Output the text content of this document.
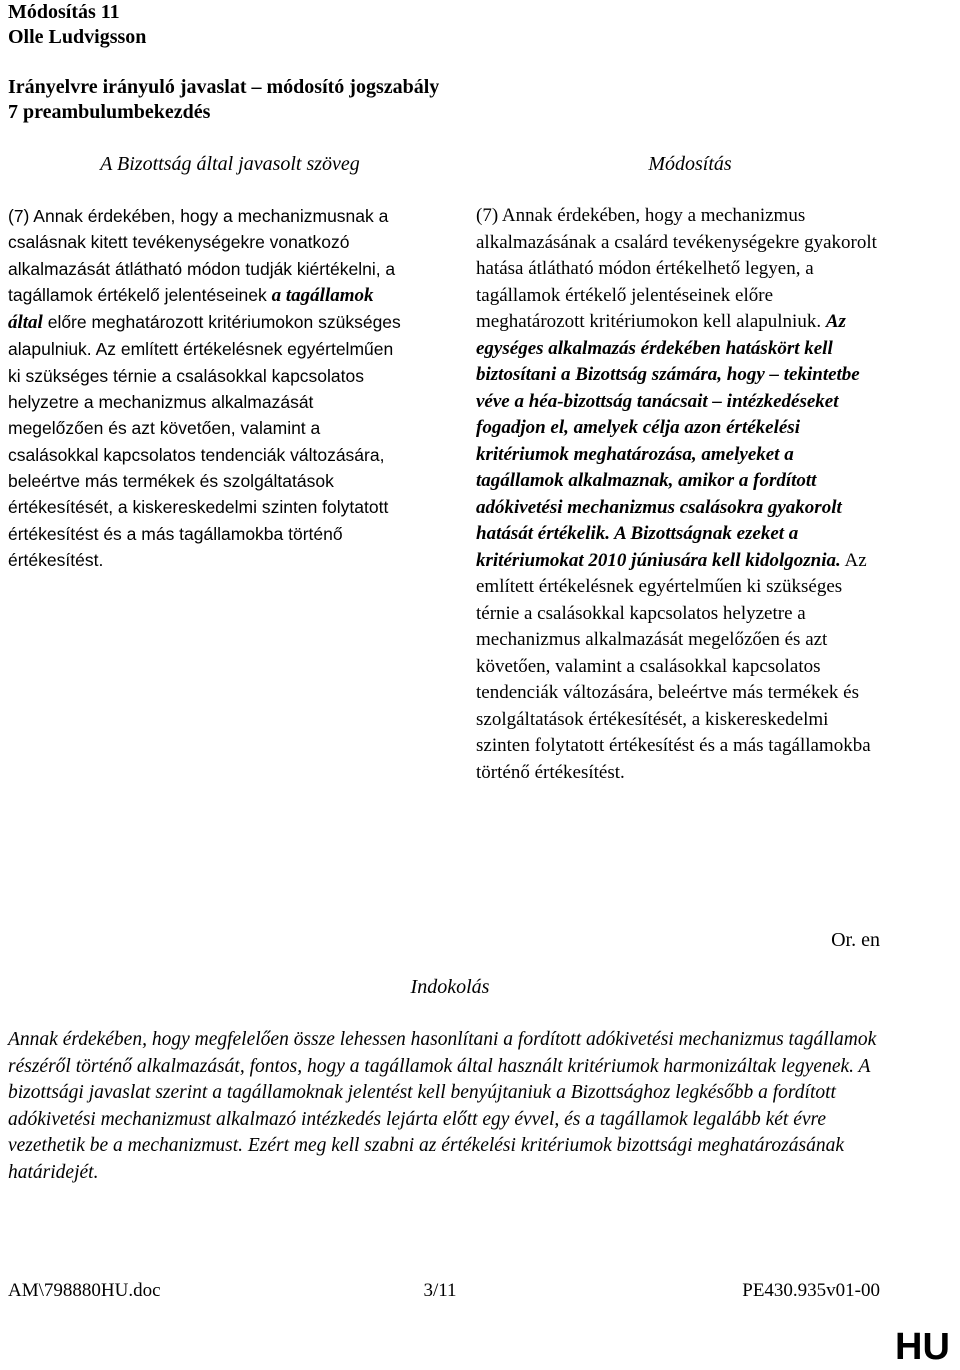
Módosítás 11
Olle Ludvigsson
Irányelvre irányuló javaslat – módosító jogszabály
7 preambulumbekezdés
A Bizottság által javasolt szöveg	Módosítás

(7) Annak érdekében, hogy a mechanizmusnak a csalásnak kitett tevékenységekre vonatkozó alkalmazását átlátható módon tudják kiértékelni, a tagállamok értékelő jelentéseinek a tagállamok által előre meghatározott kritériumokon szükséges alapulniuk. Az említett értékelésnek egyértelműen ki szükséges térnie a csalásokkal kapcsolatos helyzetre a mechanizmus alkalmazását megelőzően és azt követően, valamint a csalásokkal kapcsolatos tendenciák változására, beleértve más termékek és szolgáltatások értékesítését, a kiskereskedelmi szinten folytatott értékesítést és a más tagállamokba történő értékesítést.

(7) Annak érdekében, hogy a mechanizmus alkalmazásának a csalárd tevékenységekre gyakorolt hatása átlátható módon értékelhető legyen, a tagállamok értékelő jelentéseinek előre meghatározott kritériumokon kell alapulniuk. Az egységes alkalmazás érdekében hatáskört kell biztosítani a Bizottság számára, hogy – tekintetbe véve a héa-bizottság tanácsait – intézkedéseket fogadjon el, amelyek célja azon értékelési kritériumok meghatározása, amelyeket a tagállamok alkalmaznak, amikor a fordított adókivetési mechanizmus csalásokra gyakorolt hatását értékelik. A Bizottságnak ezeket a kritériumokat 2010 júniusára kell kidolgoznia. Az említett értékelésnek egyértelműen ki szükséges térnie a csalásokkal kapcsolatos helyzetre a mechanizmus alkalmazását megelőzően és azt követően, valamint a csalásokkal kapcsolatos tendenciák változására, beleértve más termékek és szolgáltatások értékesítését, a kiskereskedelmi szinten folytatott értékesítést és a más tagállamokba történő értékesítést.

Or. en
Indokolás
Annak érdekében, hogy megfelelően össze lehessen hasonlítani a fordított adókivetési mechanizmus tagállamok részéről történő alkalmazását, fontos, hogy a tagállamok által használt kritériumok harmonizáltak legyenek. A bizottsági javaslat szerint a tagállamoknak jelentést kell benyújtaniuk a Bizottsághoz legkésőbb a fordított adókivetési mechanizmust alkalmazó intézkedés lejárta előtt egy évvel, és a tagállamok legalább két évre vezethetik be a mechanizmust. Ezért meg kell szabni az értékelési kritériumok bizottsági meghatározásának határidejét.
AM\798880HU.doc	3/11	PE430.935v01-00
HU
